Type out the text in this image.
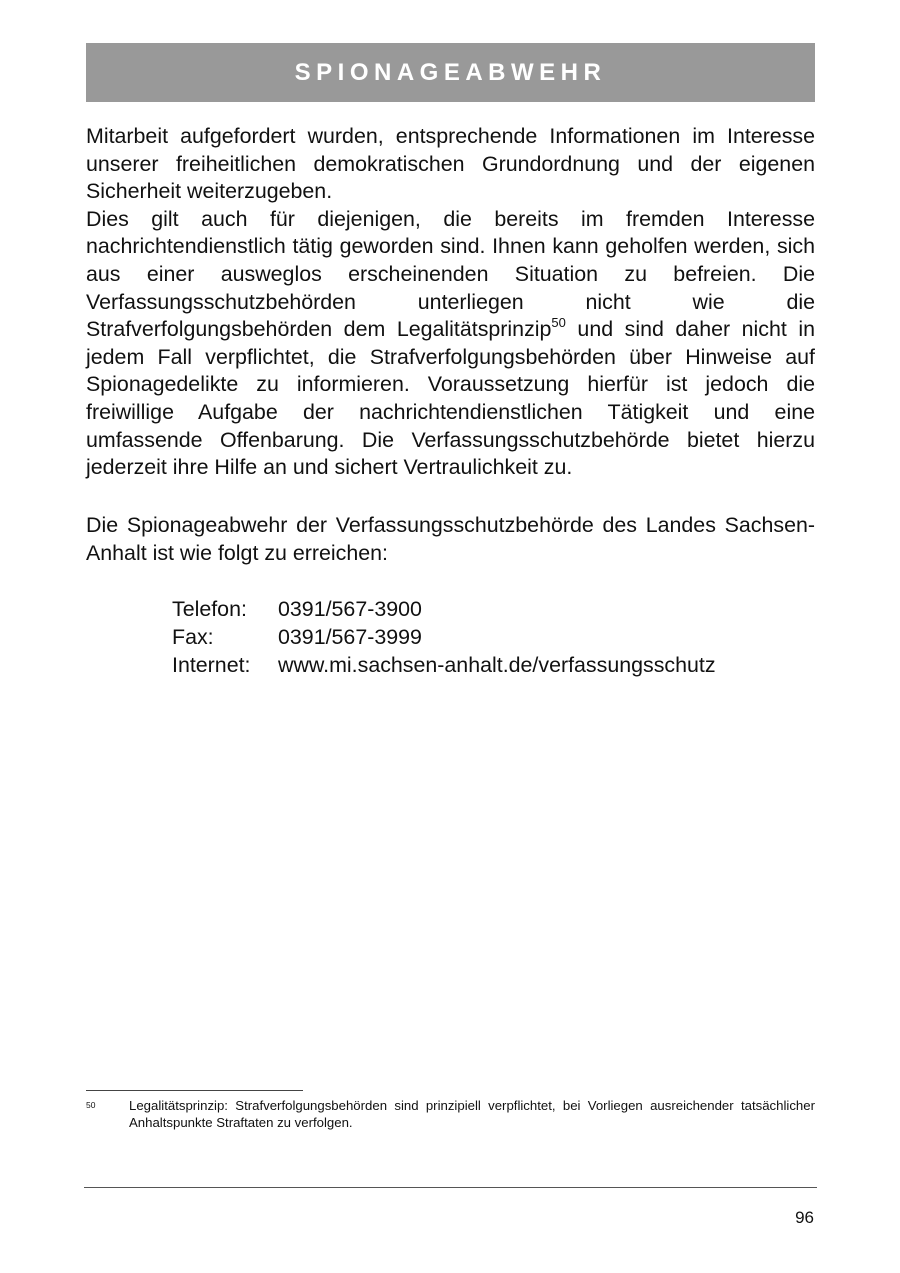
SPIONAGEABWEHR

Mitarbeit aufgefordert wurden, entsprechende Informationen im Interesse unserer freiheitlichen demokratischen Grundordnung und der eigenen Sicherheit weiterzugeben.

Dies gilt auch für diejenigen, die bereits im fremden Interesse nachrichtendienstlich tätig geworden sind. Ihnen kann geholfen werden, sich aus einer ausweglos erscheinenden Situation zu befreien. Die Verfassungsschutzbehörden unterliegen nicht wie die Strafverfolgungsbehörden dem Legalitätsprinzip$^{50}$ und sind daher nicht in jedem Fall verpflichtet, die Strafverfolgungsbehörden über Hinweise auf Spionagedelikte zu informieren. Voraussetzung hierfür ist jedoch die freiwillige Aufgabe der nachrichtendienstlichen Tätigkeit und eine umfassende Offenbarung. Die Verfassungsschutzbehörde bietet hierzu jederzeit ihre Hilfe an und sichert Vertraulichkeit zu.

Die Spionageabwehr der Verfassungsschutzbehörde des Landes Sachsen-Anhalt ist wie folgt zu erreichen:

Telefon:	0391/567-3900
Fax:	0391/567-3999
Internet:	www.mi.sachsen-anhalt.de/verfassungsschutz
50	Legalitätsprinzip: Strafverfolgungsbehörden sind prinzipiell verpflichtet, bei Vorliegen ausreichender tatsächlicher Anhaltspunkte Straftaten zu verfolgen.
96
